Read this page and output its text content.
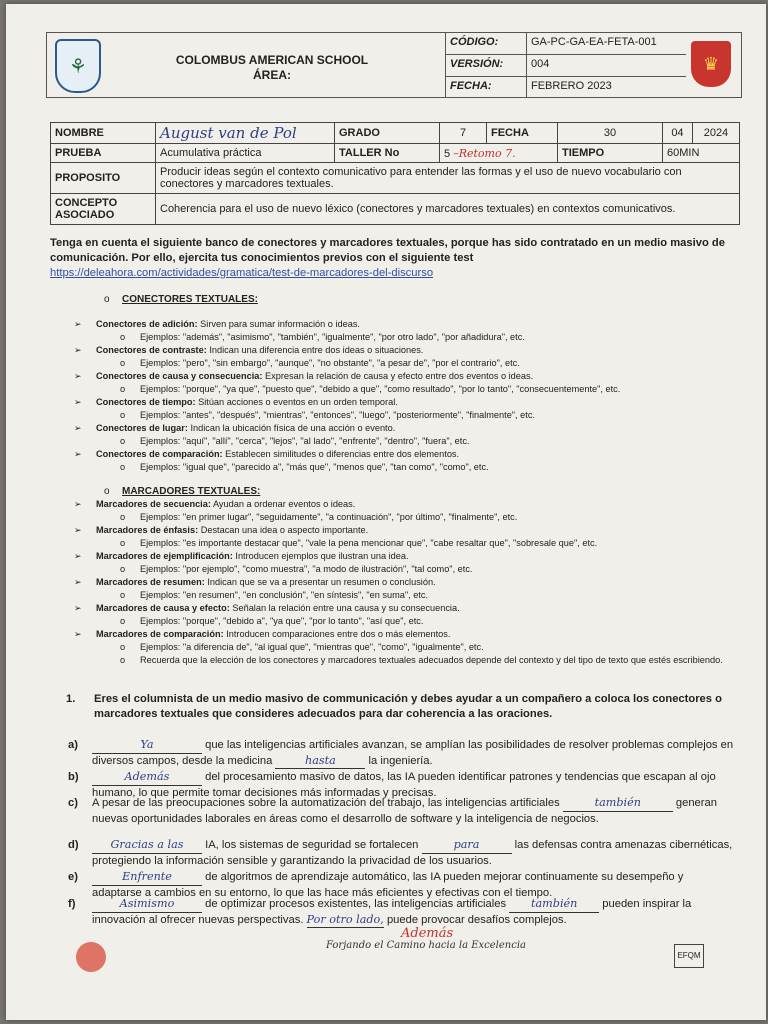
⚘	COLOMBUS AMERICAN SCHOOL
ÁREA:
CÓDIGO:	GA-PC-GA-EA-FETA-001
VERSIÓN:	004
FECHA:	FEBRERO 2023
♛
NOMBRE	August van de Pol	GRADO	7	FECHA	30	04	2024
PRUEBA	Acumulativa práctica	TALLER No	5 –Retomo 7.		TIEMPO	60MIN	
PROPOSITO	Producir ideas según el contexto comunicativo para entender las formas y el uso de nuevo vocabulario con conectores y marcadores textuales.						
CONCEPTO ASOCIADO	Coherencia para el uso de nuevo léxico (conectores y marcadores textuales) en contextos comunicativos.						
Tenga en cuenta el siguiente banco de conectores y marcadores textuales, porque has sido contratado en un medio masivo de comunicación. Por ello, ejercita tus conocimientos previos con el siguiente test
https://deleahora.com/actividades/gramatica/test-de-marcadores-del-discurso
o CONECTORES TEXTUALES:
➢ Conectores de adición: Sirven para sumar información o ideas.
o Ejemplos: "además", "asimismo", "también", "igualmente", "por otro lado", "por añadidura", etc.
➢ Conectores de contraste: Indican una diferencia entre dos ideas o situaciones.
o Ejemplos: "pero", "sin embargo", "aunque", "no obstante", "a pesar de", "por el contrario", etc.
➢ Conectores de causa y consecuencia: Expresan la relación de causa y efecto entre dos eventos o ideas.
o Ejemplos: "porque", "ya que", "puesto que", "debido a que", "como resultado", "por lo tanto", "consecuentemente", etc.
➢ Conectores de tiempo: Sitúan acciones o eventos en un orden temporal.
o Ejemplos: "antes", "después", "mientras", "entonces", "luego", "posteriormente", "finalmente", etc.
➢ Conectores de lugar: Indican la ubicación física de una acción o evento.
o Ejemplos: "aquí", "allí", "cerca", "lejos", "al lado", "enfrente", "dentro", "fuera", etc.
➢ Conectores de comparación: Establecen similitudes o diferencias entre dos elementos.
o Ejemplos: "igual que", "parecido a", "más que", "menos que", "tan como", "como", etc.
o MARCADORES TEXTUALES:
➢ Marcadores de secuencia: Ayudan a ordenar eventos o ideas.
o Ejemplos: "en primer lugar", "seguidamente", "a continuación", "por último", "finalmente", etc.
➢ Marcadores de énfasis: Destacan una idea o aspecto importante.
o Ejemplos: "es importante destacar que", "vale la pena mencionar que", "cabe resaltar que", "sobresale que", etc.
➢ Marcadores de ejemplificación: Introducen ejemplos que ilustran una idea.
o Ejemplos: "por ejemplo", "como muestra", "a modo de ilustración", "tal como", etc.
➢ Marcadores de resumen: Indican que se va a presentar un resumen o conclusión.
o Ejemplos: "en resumen", "en conclusión", "en síntesis", "en suma", etc.
➢ Marcadores de causa y efecto: Señalan la relación entre una causa y su consecuencia.
o Ejemplos: "porque", "debido a", "ya que", "por lo tanto", "así que", etc.
➢ Marcadores de comparación: Introducen comparaciones entre dos o más elementos.
o Ejemplos: "a diferencia de", "al igual que", "mientras que", "como", "igualmente", etc.
o Recuerda que la elección de los conectores y marcadores textuales adecuados depende del contexto y del tipo de texto que estés escribiendo.
1. Eres el columnista de un medio masivo de communicación y debes ayudar a un compañero a coloca los conectores o marcadores textuales que consideres adecuados para dar coherencia a las oraciones.
a)	Ya	que las inteligencias artificiales avanzan, se amplían las posibilidades de resolver problemas complejos en diversos campos, desde la medicina	hasta	la ingeniería.
b)	Además	del procesamiento masivo de datos, las IA pueden identificar patrones y tendencias que escapan al ojo humano, lo que permite tomar decisiones más informadas y precisas.
c) A pesar de las preocupaciones sobre la automatización del trabajo, las inteligencias artificiales	también	generan nuevas oportunidades laborales en áreas como el desarrollo de software y la inteligencia de negocios.
d)	Gracias a las IA, los sistemas de seguridad se fortalecen	para	las defensas contra amenazas cibernéticas, protegiendo la información sensible y garantizando la privacidad de los usuarios.
e)	Enfrente	de algoritmos de aprendizaje automático, las IA pueden mejorar continuamente su desempeño y adaptarse a cambios en su entorno, lo que las hace más eficientes y efectivas con el tiempo.
f)	Asimismo de optimizar procesos existentes, las inteligencias artificiales también pueden inspirar la innovación al ofrecer nuevas perspectivas. Por otro lado, puede provocar desafíos complejos.
Además
Forjando el Camino hacia la Excelencia
EFQM
